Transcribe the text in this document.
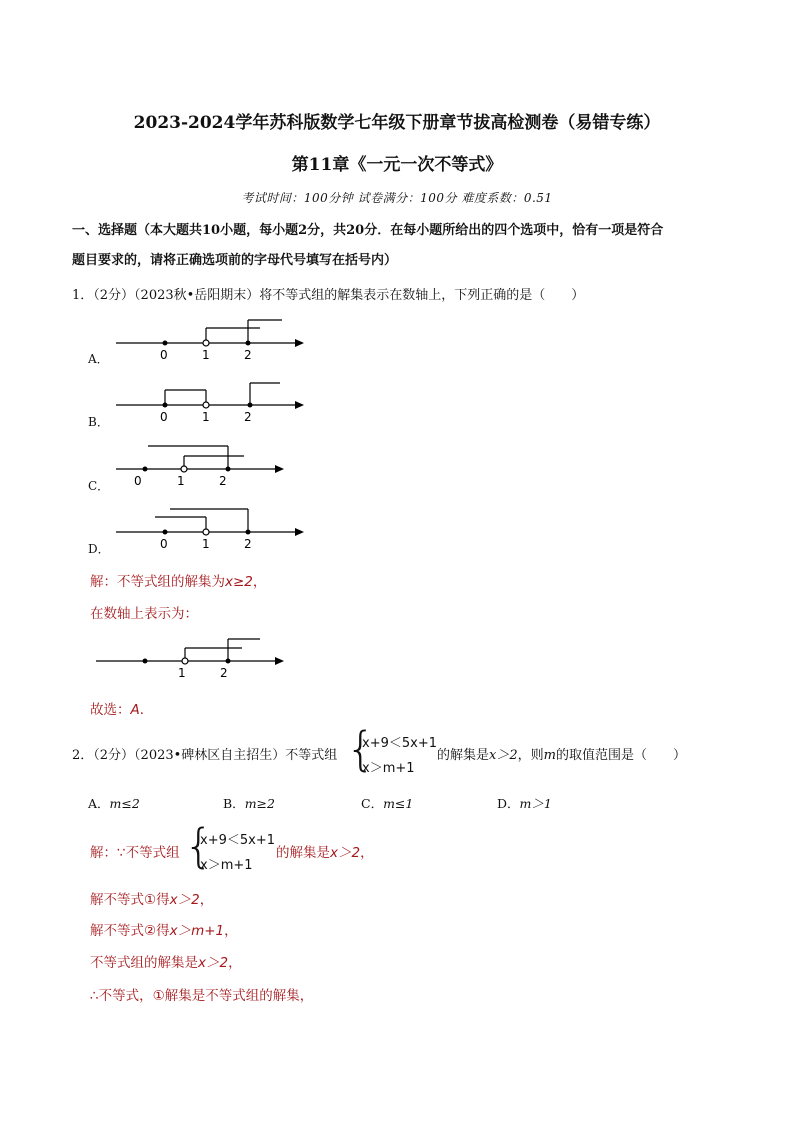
2023-2024学年苏科版数学七年级下册章节拔高检测卷（易错专练）
第11章《一元一次不等式》
考试时间：100分钟 试卷满分：100分 难度系数：0.51
一、选择题（本大题共10小题，每小题2分，共20分．在每小题所给出的四个选项中，恰有一项是符合
题目要求的，请将正确选项前的字母代号填写在括号内）
1．（2分）（2023秋•岳阳期末）将不等式组的解集表示在数轴上，下列正确的是（　　）
A．	0	1	2
B．	0	1	2
C． 0	1	2
D．	0	1	2
解：不等式组的解集为x≥2，
在数轴上表示为：
1	2
故选：A．
2．（2分）（2023•碑林区自主招生）不等式组 {
x+9＜5x+1
x＞m+1
的解集是x＞2，则m的取值范围是（　　）
A．m≤2	B．m≥2	C．m≤1	D．m＞1
解：∵不等式组 {
x+9＜5x+1
x＞m+1
的解集是x＞2，
解不等式①得x＞2，
解不等式②得x＞m+1，
不等式组的解集是x＞2，
∴不等式，①解集是不等式组的解集，
